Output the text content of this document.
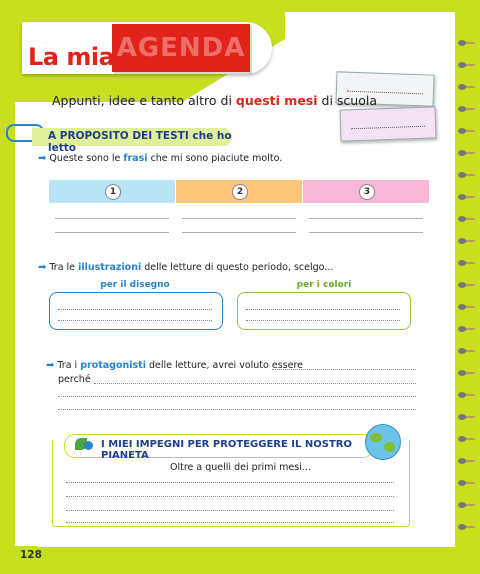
AGENDA
La mia
Appunti, idee e tanto altro di questi mesi di scuola
A PROPOSITO DEI TESTI che ho letto
➡ Queste sono le frasi che mi sono piaciute molto.
1	2	3
➡ Tra le illustrazioni delle letture di questo periodo, scelgo...
per il disegno	per i colori
➡ Tra i protagonisti delle letture, avrei voluto essere
perché
I MIEI IMPEGNI PER PROTEGGERE IL NOSTRO PIANETA
Oltre a quelli dei primi mesi...
128
